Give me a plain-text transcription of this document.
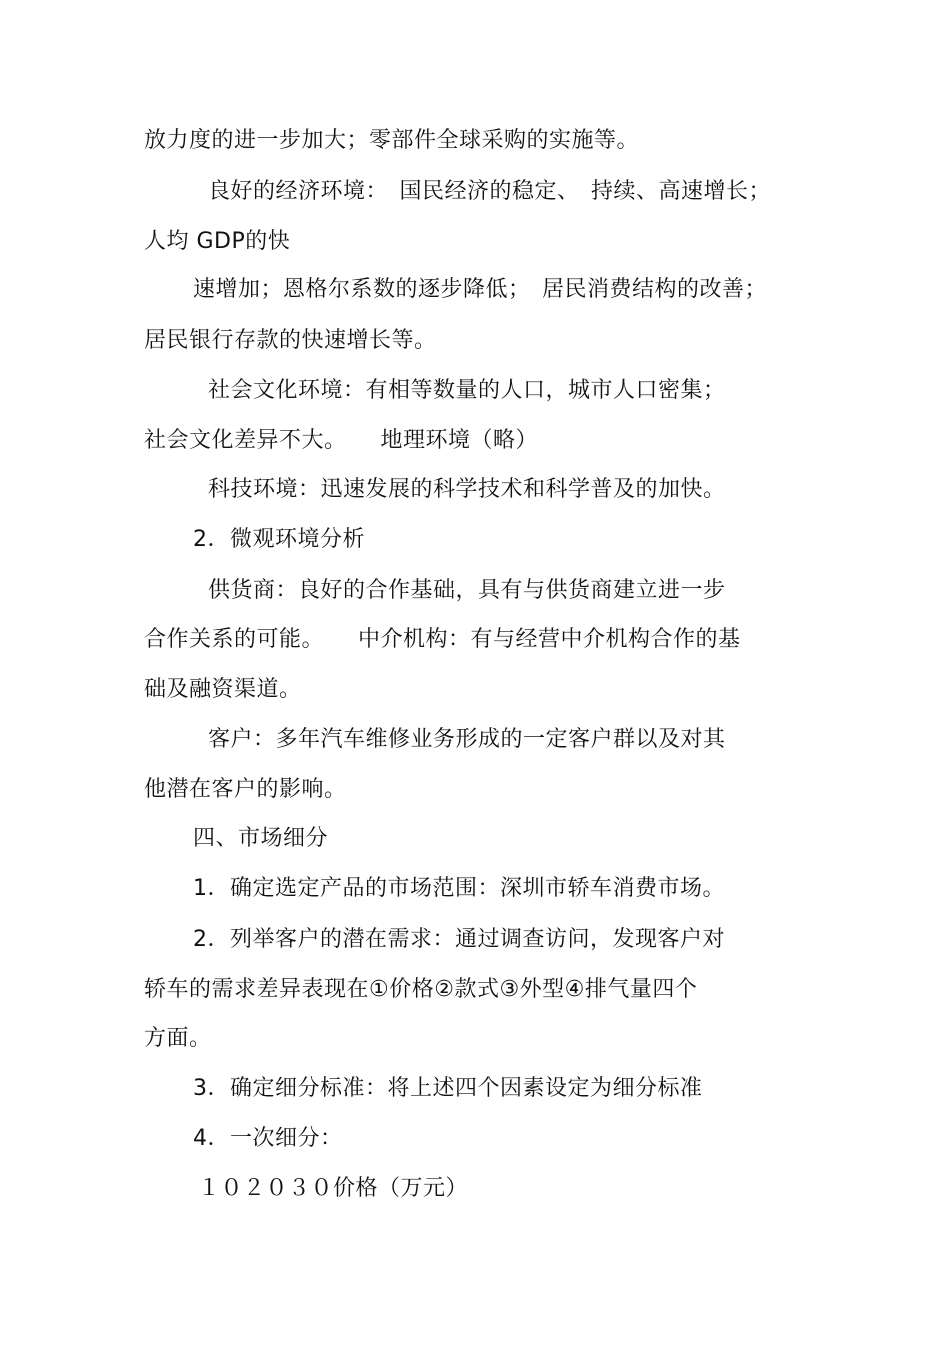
放力度的进一步加大；零部件全球采购的实施等。
良好的经济环境：　国民经济的稳定、　持续、高速增长；
人均 GDP的快
速增加；恩格尔系数的逐步降低；　居民消费结构的改善；
居民银行存款的快速增长等。
社会文化环境：有相等数量的人口，城市人口密集；
社会文化差异不大。　　地理环境（略）
科技环境：迅速发展的科学技术和科学普及的加快。
2．微观环境分析
供货商：良好的合作基础，具有与供货商建立进一步
合作关系的可能。　　中介机构：有与经营中介机构合作的基
础及融资渠道。
客户：多年汽车维修业务形成的一定客户群以及对其
他潜在客户的影响。
四、市场细分
1．确定选定产品的市场范围：深圳市轿车消费市场。
2．列举客户的潜在需求：通过调查访问，发现客户对
轿车的需求差异表现在①价格②款式③外型④排气量四个
方面。
3．确定细分标准：将上述四个因素设定为细分标准
4．一次细分：
１０２０３０价格（万元）
